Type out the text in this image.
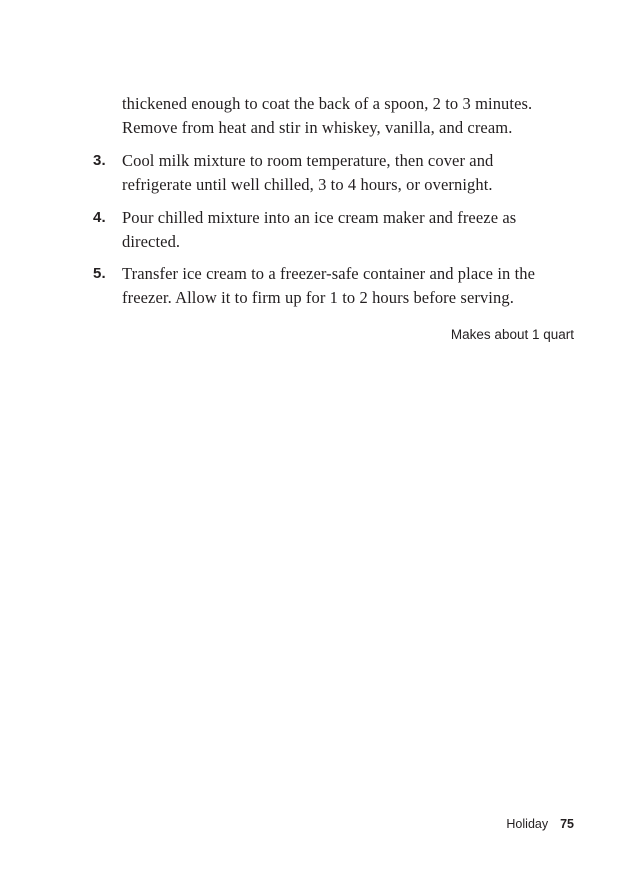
thickened enough to coat the back of a spoon, 2 to 3 minutes.
Remove from heat and stir in whiskey, vanilla, and cream.
3. Cool milk mixture to room temperature, then cover and
refrigerate until well chilled, 3 to 4 hours, or overnight.
4. Pour chilled mixture into an ice cream maker and freeze as
directed.
5. Transfer ice cream to a freezer-safe container and place in the
freezer. Allow it to firm up for 1 to 2 hours before serving.
Makes about 1 quart
Holiday 75
